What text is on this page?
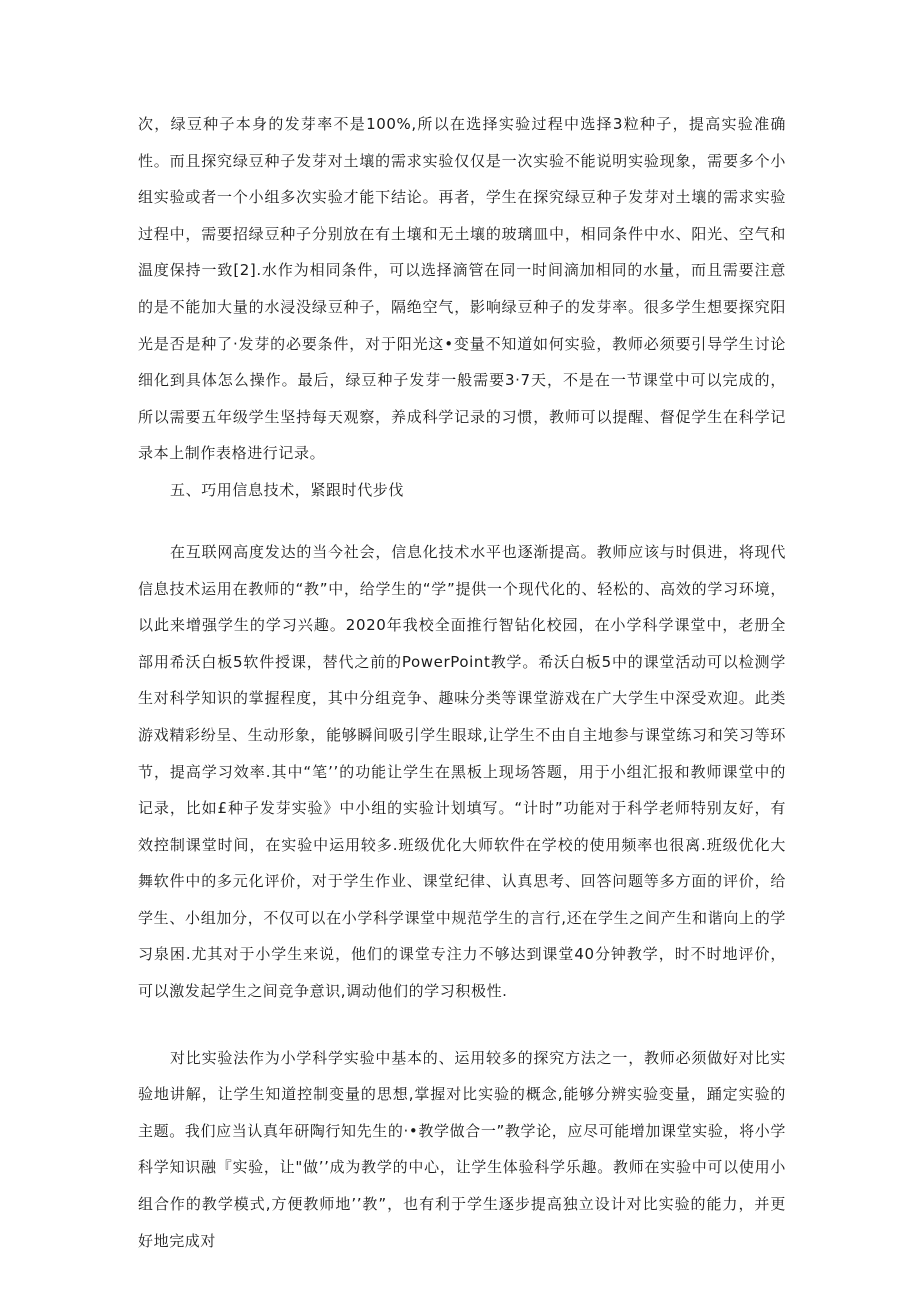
次，绿豆种子本身的发芽率不是100%,所以在选择实验过程中选择3粒种子，提高实验准确性。而且探究绿豆种子发芽对土壤的需求实验仅仅是一次实验不能说明实验现象，需要多个小组实验或者一个小组多次实验才能下结论。再者，学生在探究绿豆种子发芽对土壤的需求实验过程中，需要招绿豆种子分别放在有土壤和无土壤的玻璃皿中，相同条件中水、阳光、空气和温度保持一致[2].水作为相同条件，可以选择滴管在同一时间滴加相同的水量，而且需要注意的是不能加大量的水浸没绿豆种子，隔绝空气，影响绿豆种子的发芽率。很多学生想要探究阳光是否是种了·发芽的必要条件，对于阳光这•变量不知道如何实验，教师必须要引导学生讨论细化到具体怎么操作。最后，绿豆种子发芽一般需要3·7天，不是在一节课堂中可以完成的，所以需要五年级学生坚持每天观察，养成科学记录的习惯，教师可以提醒、督促学生在科学记录本上制作表格进行记录。

五、巧用信息技术，紧跟时代步伐

在互联网高度发达的当今社会，信息化技术水平也逐渐提高。教师应该与时俱进，将现代信息技术运用在教师的“教”中，给学生的“学”提供一个现代化的、轻松的、高效的学习环境，以此来增强学生的学习兴趣。2020年我校全面推行智钻化校园，在小学科学课堂中，老册全部用希沃白板5软件授课，替代之前的PowerPoint教学。希沃白板5中的课堂活动可以检测学生对科学知识的掌握程度，其中分组竞争、趣味分类等课堂游戏在广大学生中深受欢迎。此类游戏精彩纷呈、生动形象，能够瞬间吸引学生眼球,让学生不由自主地参与课堂练习和笑习等环节，提高学习效率.其中“笔’’的功能让学生在黑板上现场答题，用于小组汇报和教师课堂中的记录，比如£种子发芽实验》中小组的实验计划填写。“计时”功能对于科学老师特别友好，有效控制课堂时间，在实验中运用较多.班级优化大师软件在学校的使用频率也很离.班级优化大舞软件中的多元化评价，对于学生作业、课堂纪律、认真思考、回答问题等多方面的评价，给学生、小组加分，不仅可以在小学科学课堂中规范学生的言行,还在学生之间产生和谐向上的学习泉困.尤其对于小学生来说，他们的课堂专注力不够达到课堂40分钟教学，时不时地评价，可以激发起学生之间竞争意识,调动他们的学习积极性.

对比实验法作为小学科学实验中基本的、运用较多的探究方法之一，教师必须做好对比实验地讲解，让学生知道控制变量的思想,掌握对比实验的概念,能够分辨实验变量，踊定实验的主题。我们应当认真年研陶行知先生的·•教学做合一”教学论，应尽可能增加课堂实验，将小学科学知识融『实验，让"做’’成为教学的中心，让学生体验科学乐趣。教师在实验中可以使用小组合作的教学模式,方便教师地’’教”，也有利于学生逐步提高独立设计对比实验的能力，并更好地完成对
